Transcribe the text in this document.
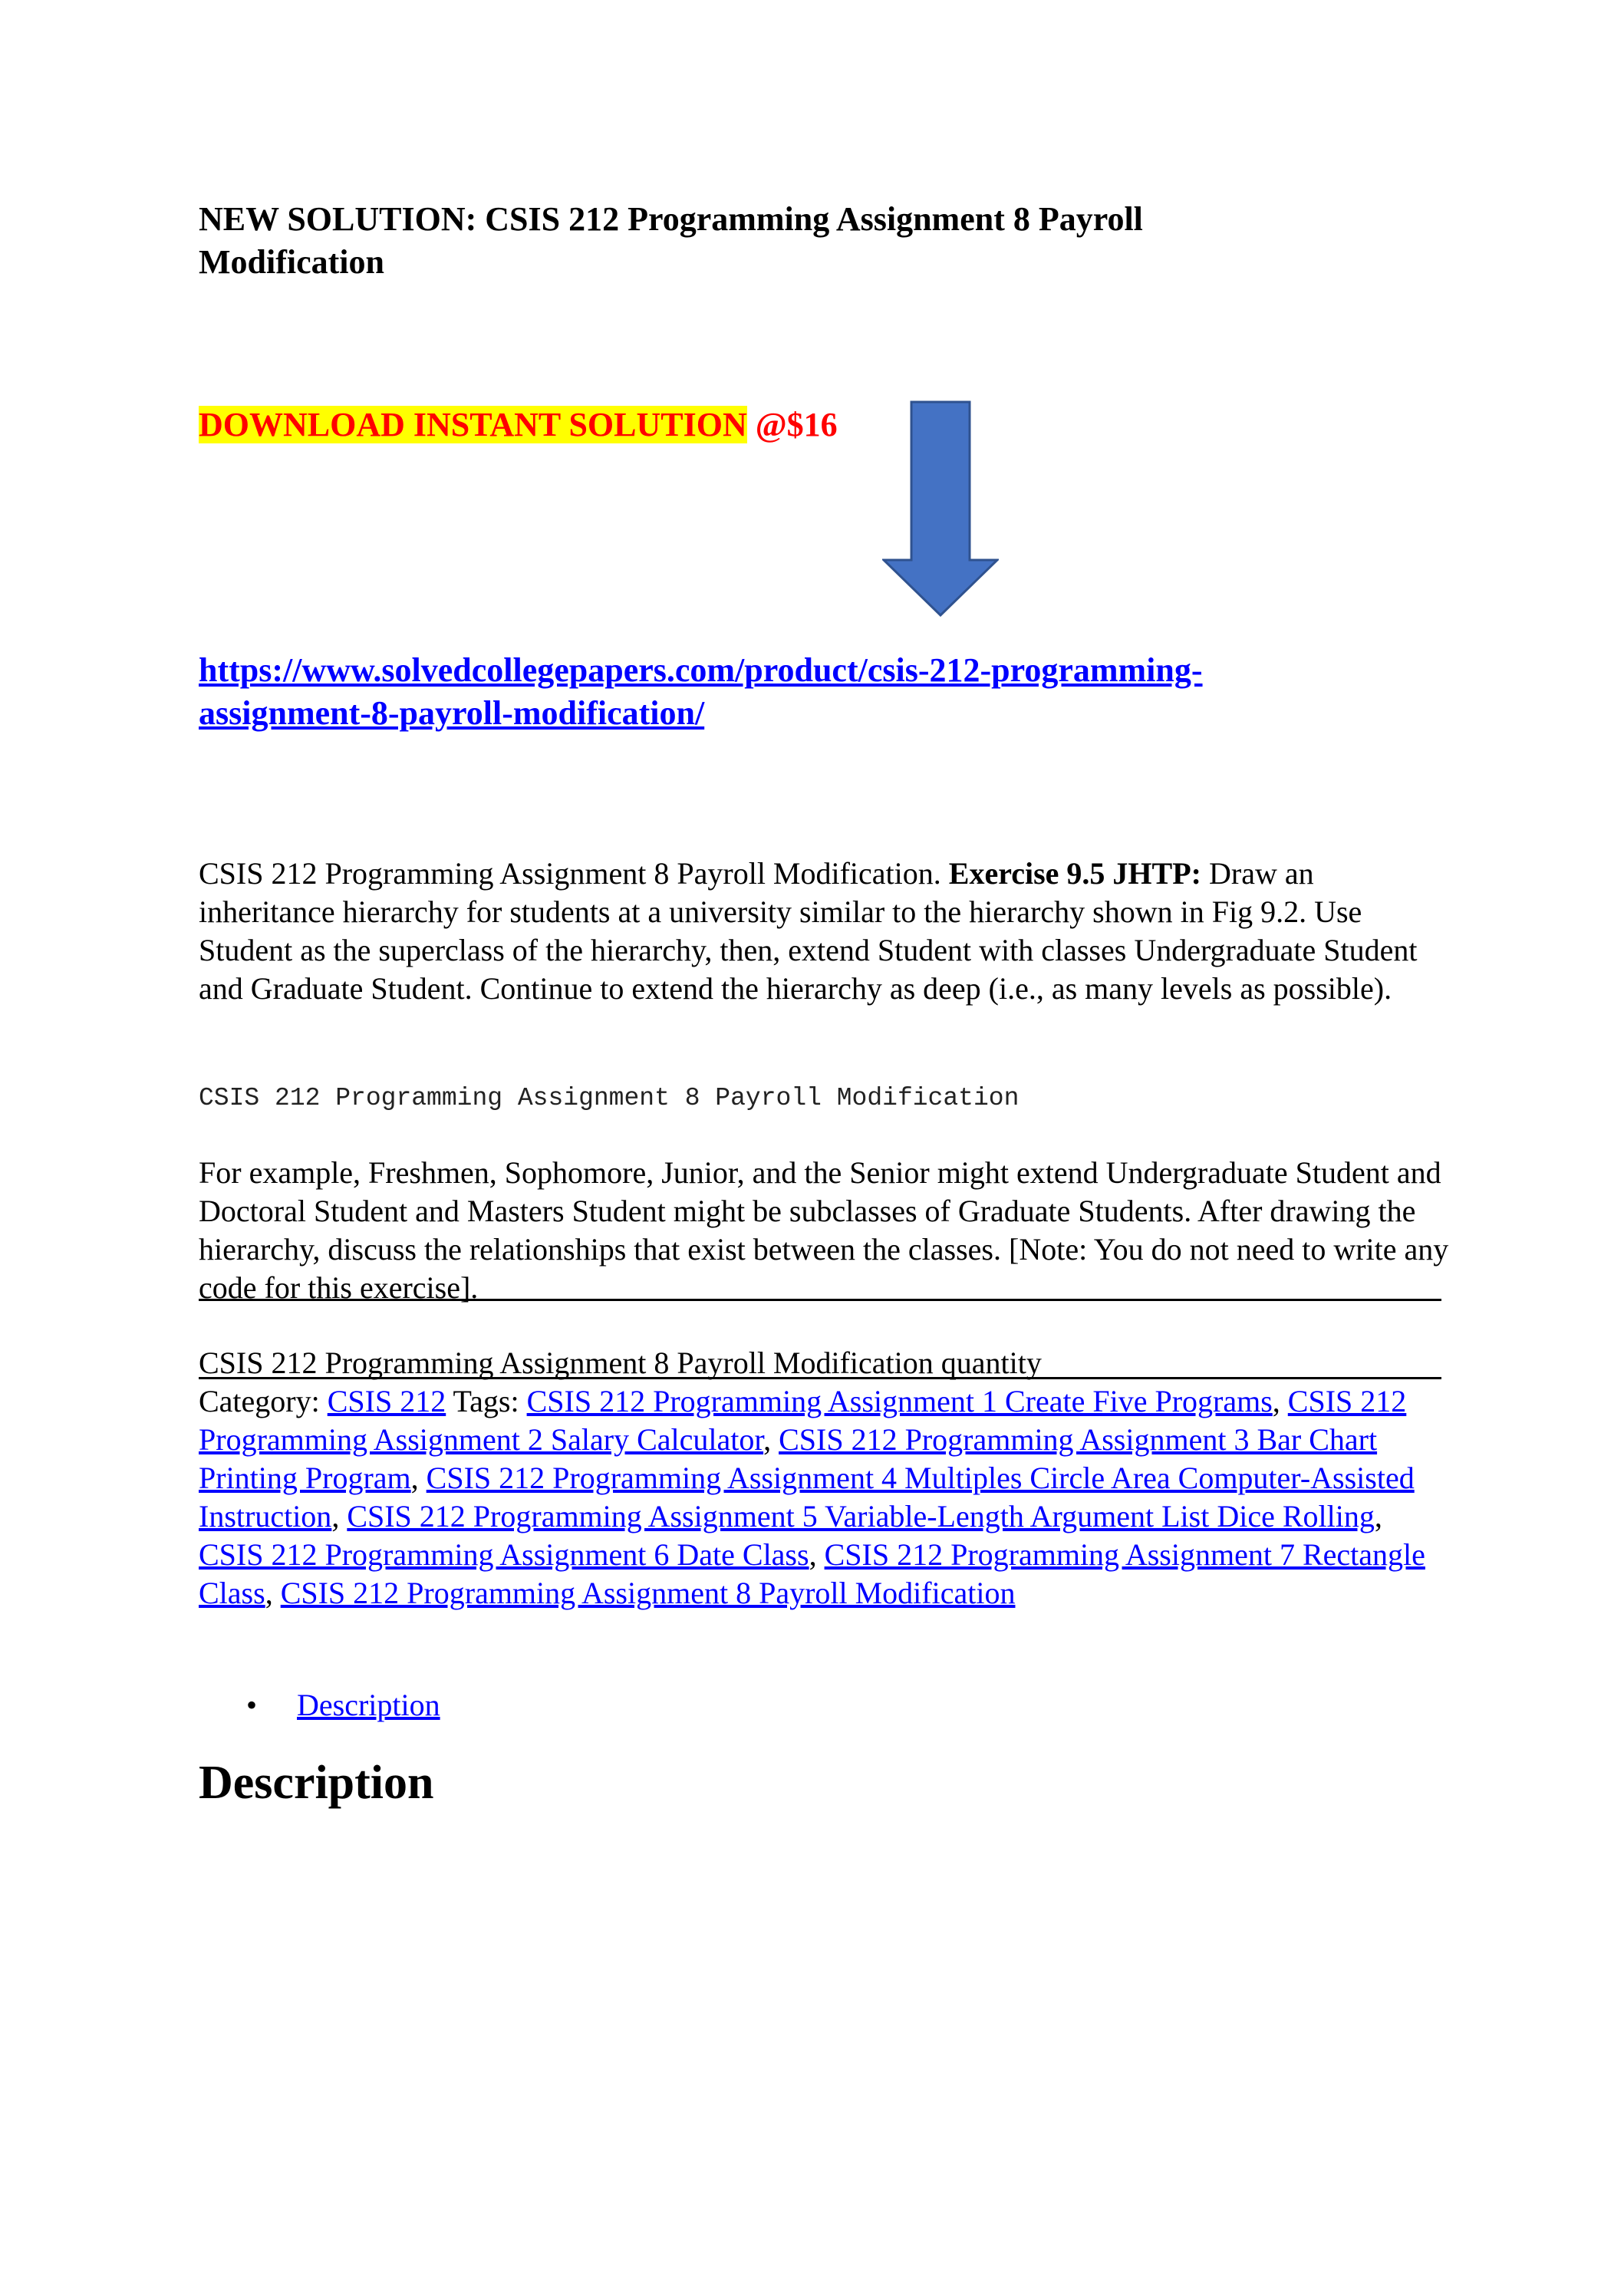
NEW SOLUTION: CSIS 212 Programming Assignment 8 Payroll Modification
DOWNLOAD INSTANT SOLUTION @$16
https://www.solvedcollegepapers.com/product/csis-212-programming-
assignment-8-payroll-modification/

CSIS 212 Programming Assignment 8 Payroll Modification. Exercise 9.5 JHTP: Draw an inheritance hierarchy for students at a university similar to the hierarchy shown in Fig 9.2. Use Student as the superclass of the hierarchy, then, extend Student with classes Undergraduate Student and Graduate Student. Continue to extend the hierarchy as deep (i.e., as many levels as possible).

CSIS 212 Programming Assignment 8 Payroll Modification

For example, Freshmen, Sophomore, Junior, and the Senior might extend Undergraduate Student and Doctoral Student and Masters Student might be subclasses of Graduate Students. After drawing the hierarchy, discuss the relationships that exist between the classes. [Note: You do not need to write any code for this exercise].

CSIS 212 Programming Assignment 8 Payroll Modification quantity

Category: CSIS 212 Tags: CSIS 212 Programming Assignment 1 Create Five Programs, CSIS 212 Programming Assignment 2 Salary Calculator, CSIS 212 Programming Assignment 3 Bar Chart Printing Program, CSIS 212 Programming Assignment 4 Multiples Circle Area Computer-Assisted Instruction, CSIS 212 Programming Assignment 5 Variable-Length Argument List Dice Rolling, CSIS 212 Programming Assignment 6 Date Class, CSIS 212 Programming Assignment 7 Rectangle Class, CSIS 212 Programming Assignment 8 Payroll Modification

• Description
Description
